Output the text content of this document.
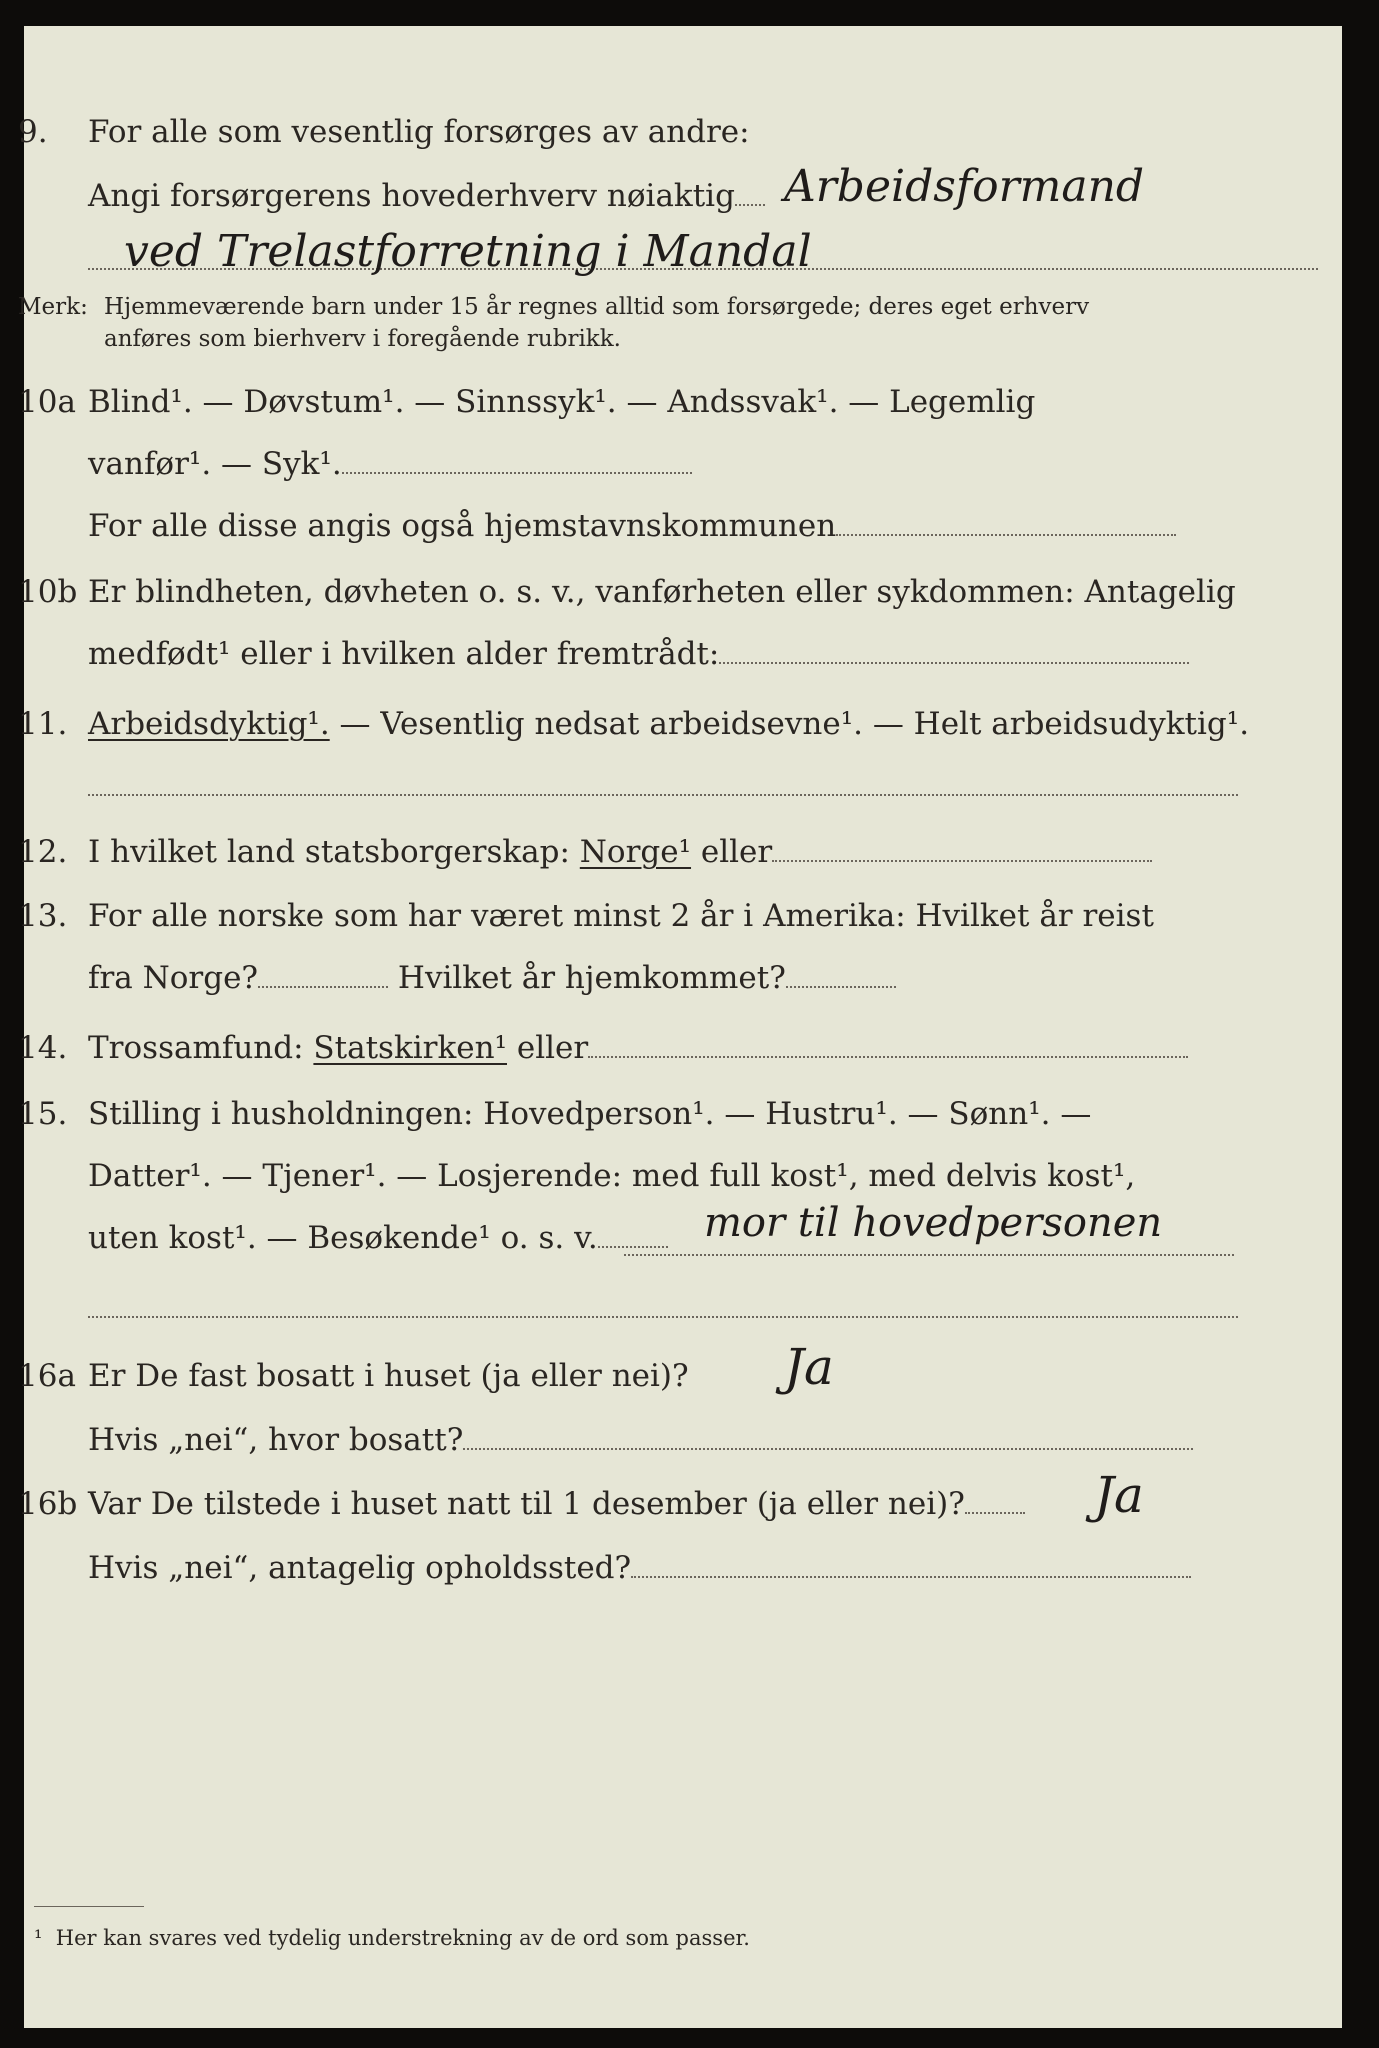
9. For alle som vesentlig forsørges av andre:
Angi forsørgerens hovederhverv nøiaktig	Arbeidsformand
ved Trelastforretning i Mandal
Merk: Hjemmeværende barn under 15 år regnes alltid som forsørgede; deres eget erhverv
anføres som bierhverv i foregående rubrikk.
10a Blind¹. — Døvstum¹. — Sinnssyk¹. — Andssvak¹. — Legemlig
vanfør¹. — Syk¹.
For alle disse angis også hjemstavnskommunen
10b Er blindheten, døvheten o. s. v., vanførheten eller sykdommen: Antagelig
medfødt¹ eller i hvilken alder fremtrådt:
11. Arbeidsdyktig¹. — Vesentlig nedsat arbeidsevne¹. — Helt arbeidsudyktig¹.
12. I hvilket land statsborgerskap: Norge¹ eller
13. For alle norske som har været minst 2 år i Amerika: Hvilket år reist
fra Norge?	Hvilket år hjemkommet?
14. Trossamfund: Statskirken¹ eller
15. Stilling i husholdningen: Hovedperson¹. — Hustru¹. — Sønn¹. —
Datter¹. — Tjener¹. — Losjerende: med full kost¹, med delvis kost¹,
uten kost¹. — Besøkende¹ o. s. v.	mor til hovedpersonen
16a Er De fast bosatt i huset (ja eller nei)? Ja
Hvis „nei“, hvor bosatt?
16b Var De tilstede i huset natt til 1 desember (ja eller nei)?	Ja
Hvis „nei“, antagelig opholdssted?
¹ Her kan svares ved tydelig understrekning av de ord som passer.
